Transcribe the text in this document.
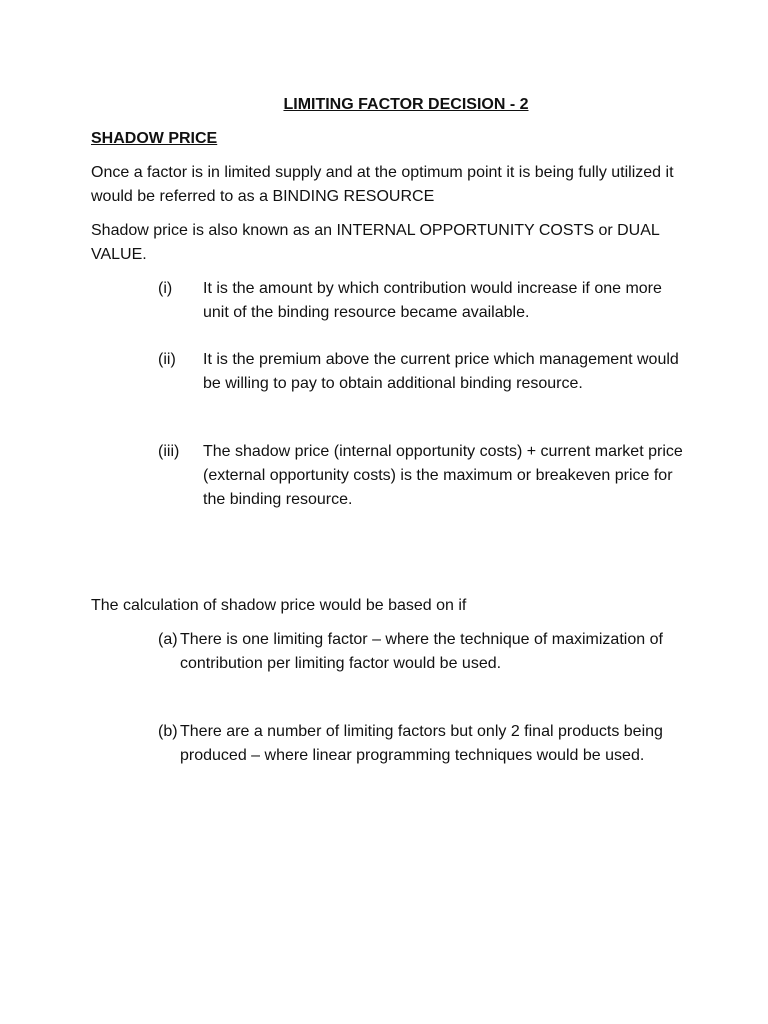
LIMITING FACTOR DECISION - 2
SHADOW PRICE
Once a factor is in limited supply and at the optimum point it is being fully utilized it would be referred to as a BINDING RESOURCE
Shadow price is also known as an INTERNAL OPPORTUNITY COSTS or DUAL VALUE.
(i) It is the amount by which contribution would increase if one more unit of the binding resource became available.
(ii) It is the premium above the current price which management would be willing to pay to obtain additional binding resource.
(iii) The shadow price (internal opportunity costs) + current market price (external opportunity costs) is the maximum or breakeven price for the binding resource.
The calculation of shadow price would be based on if
(a) There is one limiting factor – where the technique of maximization of
contribution per limiting factor would be used.
(b) There are a number of limiting factors but only 2 final products being
produced – where linear programming techniques would be used.
